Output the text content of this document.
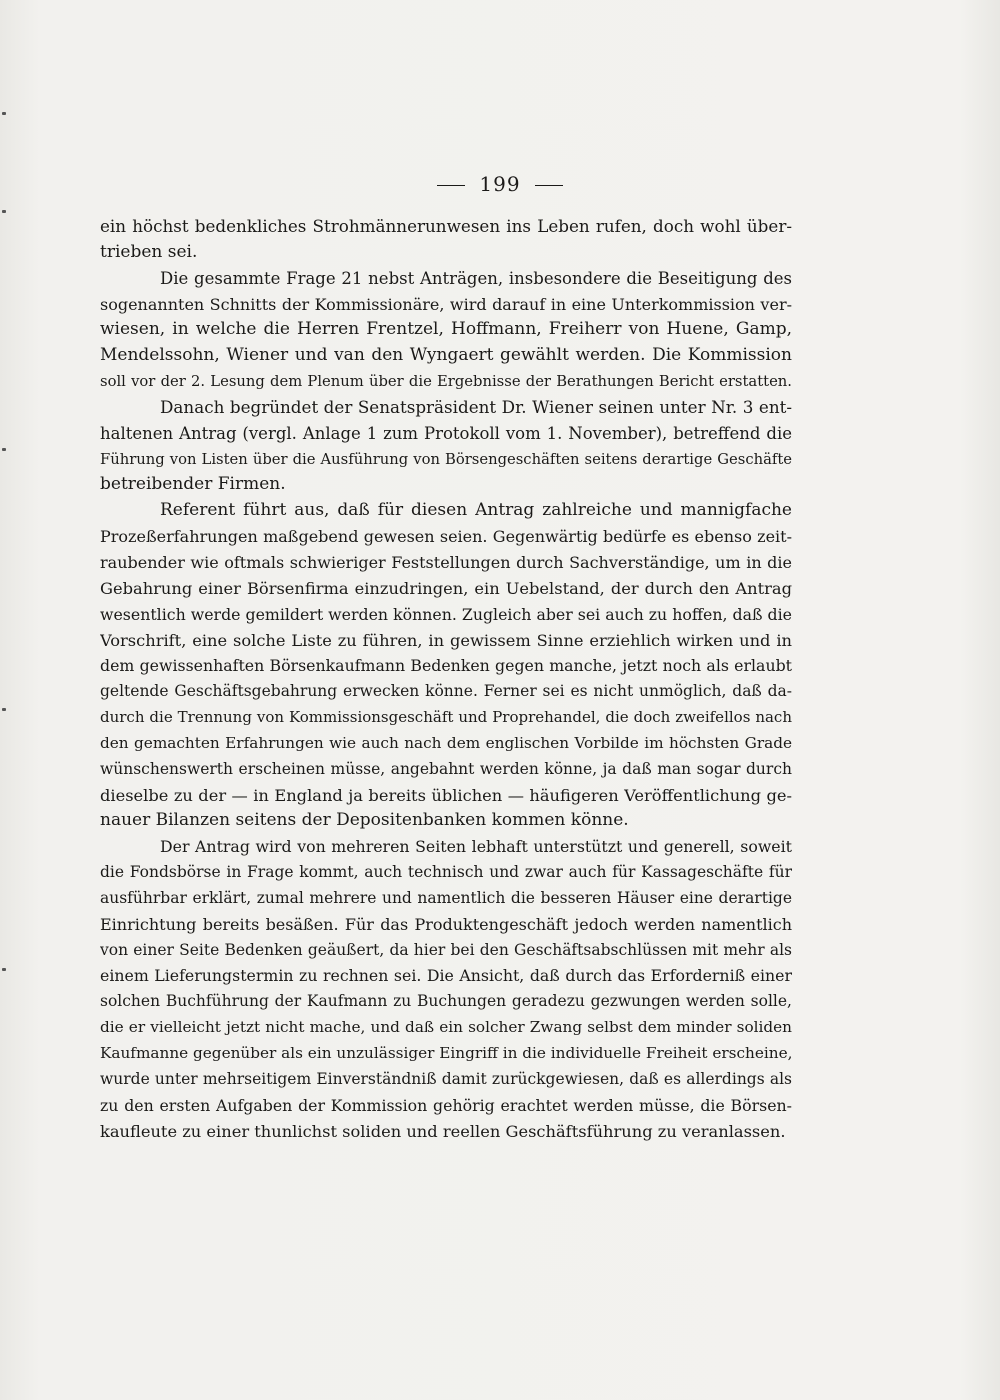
199
ein höchst bedenkliches Strohmännerunwesen ins Leben rufen, doch wohl über-
trieben sei.
Die gesammte Frage 21 nebst Anträgen, insbesondere die Beseitigung des
sogenannten Schnitts der Kommissionäre, wird darauf in eine Unterkommission ver-
wiesen, in welche die Herren Frentzel, Hoffmann, Freiherr von Huene, Gamp,
Mendelssohn, Wiener und van den Wyngaert gewählt werden. Die Kommission
soll vor der 2. Lesung dem Plenum über die Ergebnisse der Berathungen Bericht erstatten.
Danach begründet der Senatspräsident Dr. Wiener seinen unter Nr. 3 ent-
haltenen Antrag (vergl. Anlage 1 zum Protokoll vom 1. November), betreffend die
Führung von Listen über die Ausführung von Börsengeschäften seitens derartige Geschäfte
betreibender Firmen.
Referent führt aus, daß für diesen Antrag zahlreiche und mannigfache
Prozeßerfahrungen maßgebend gewesen seien. Gegenwärtig bedürfe es ebenso zeit-
raubender wie oftmals schwieriger Feststellungen durch Sachverständige, um in die
Gebahrung einer Börsenfirma einzudringen, ein Uebelstand, der durch den Antrag
wesentlich werde gemildert werden können. Zugleich aber sei auch zu hoffen, daß die
Vorschrift, eine solche Liste zu führen, in gewissem Sinne erziehlich wirken und in
dem gewissenhaften Börsenkaufmann Bedenken gegen manche, jetzt noch als erlaubt
geltende Geschäftsgebahrung erwecken könne. Ferner sei es nicht unmöglich, daß da-
durch die Trennung von Kommissionsgeschäft und Proprehandel, die doch zweifellos nach
den gemachten Erfahrungen wie auch nach dem englischen Vorbilde im höchsten Grade
wünschenswerth erscheinen müsse, angebahnt werden könne, ja daß man sogar durch
dieselbe zu der — in England ja bereits üblichen — häufigeren Veröffentlichung ge-
nauer Bilanzen seitens der Depositenbanken kommen könne.
Der Antrag wird von mehreren Seiten lebhaft unterstützt und generell, soweit
die Fondsbörse in Frage kommt, auch technisch und zwar auch für Kassageschäfte für
ausführbar erklärt, zumal mehrere und namentlich die besseren Häuser eine derartige
Einrichtung bereits besäßen. Für das Produktengeschäft jedoch werden namentlich
von einer Seite Bedenken geäußert, da hier bei den Geschäftsabschlüssen mit mehr als
einem Lieferungstermin zu rechnen sei. Die Ansicht, daß durch das Erforderniß einer
solchen Buchführung der Kaufmann zu Buchungen geradezu gezwungen werden solle,
die er vielleicht jetzt nicht mache, und daß ein solcher Zwang selbst dem minder soliden
Kaufmanne gegenüber als ein unzulässiger Eingriff in die individuelle Freiheit erscheine,
wurde unter mehrseitigem Einverständniß damit zurückgewiesen, daß es allerdings als
zu den ersten Aufgaben der Kommission gehörig erachtet werden müsse, die Börsen-
kaufleute zu einer thunlichst soliden und reellen Geschäftsführung zu veranlassen.
